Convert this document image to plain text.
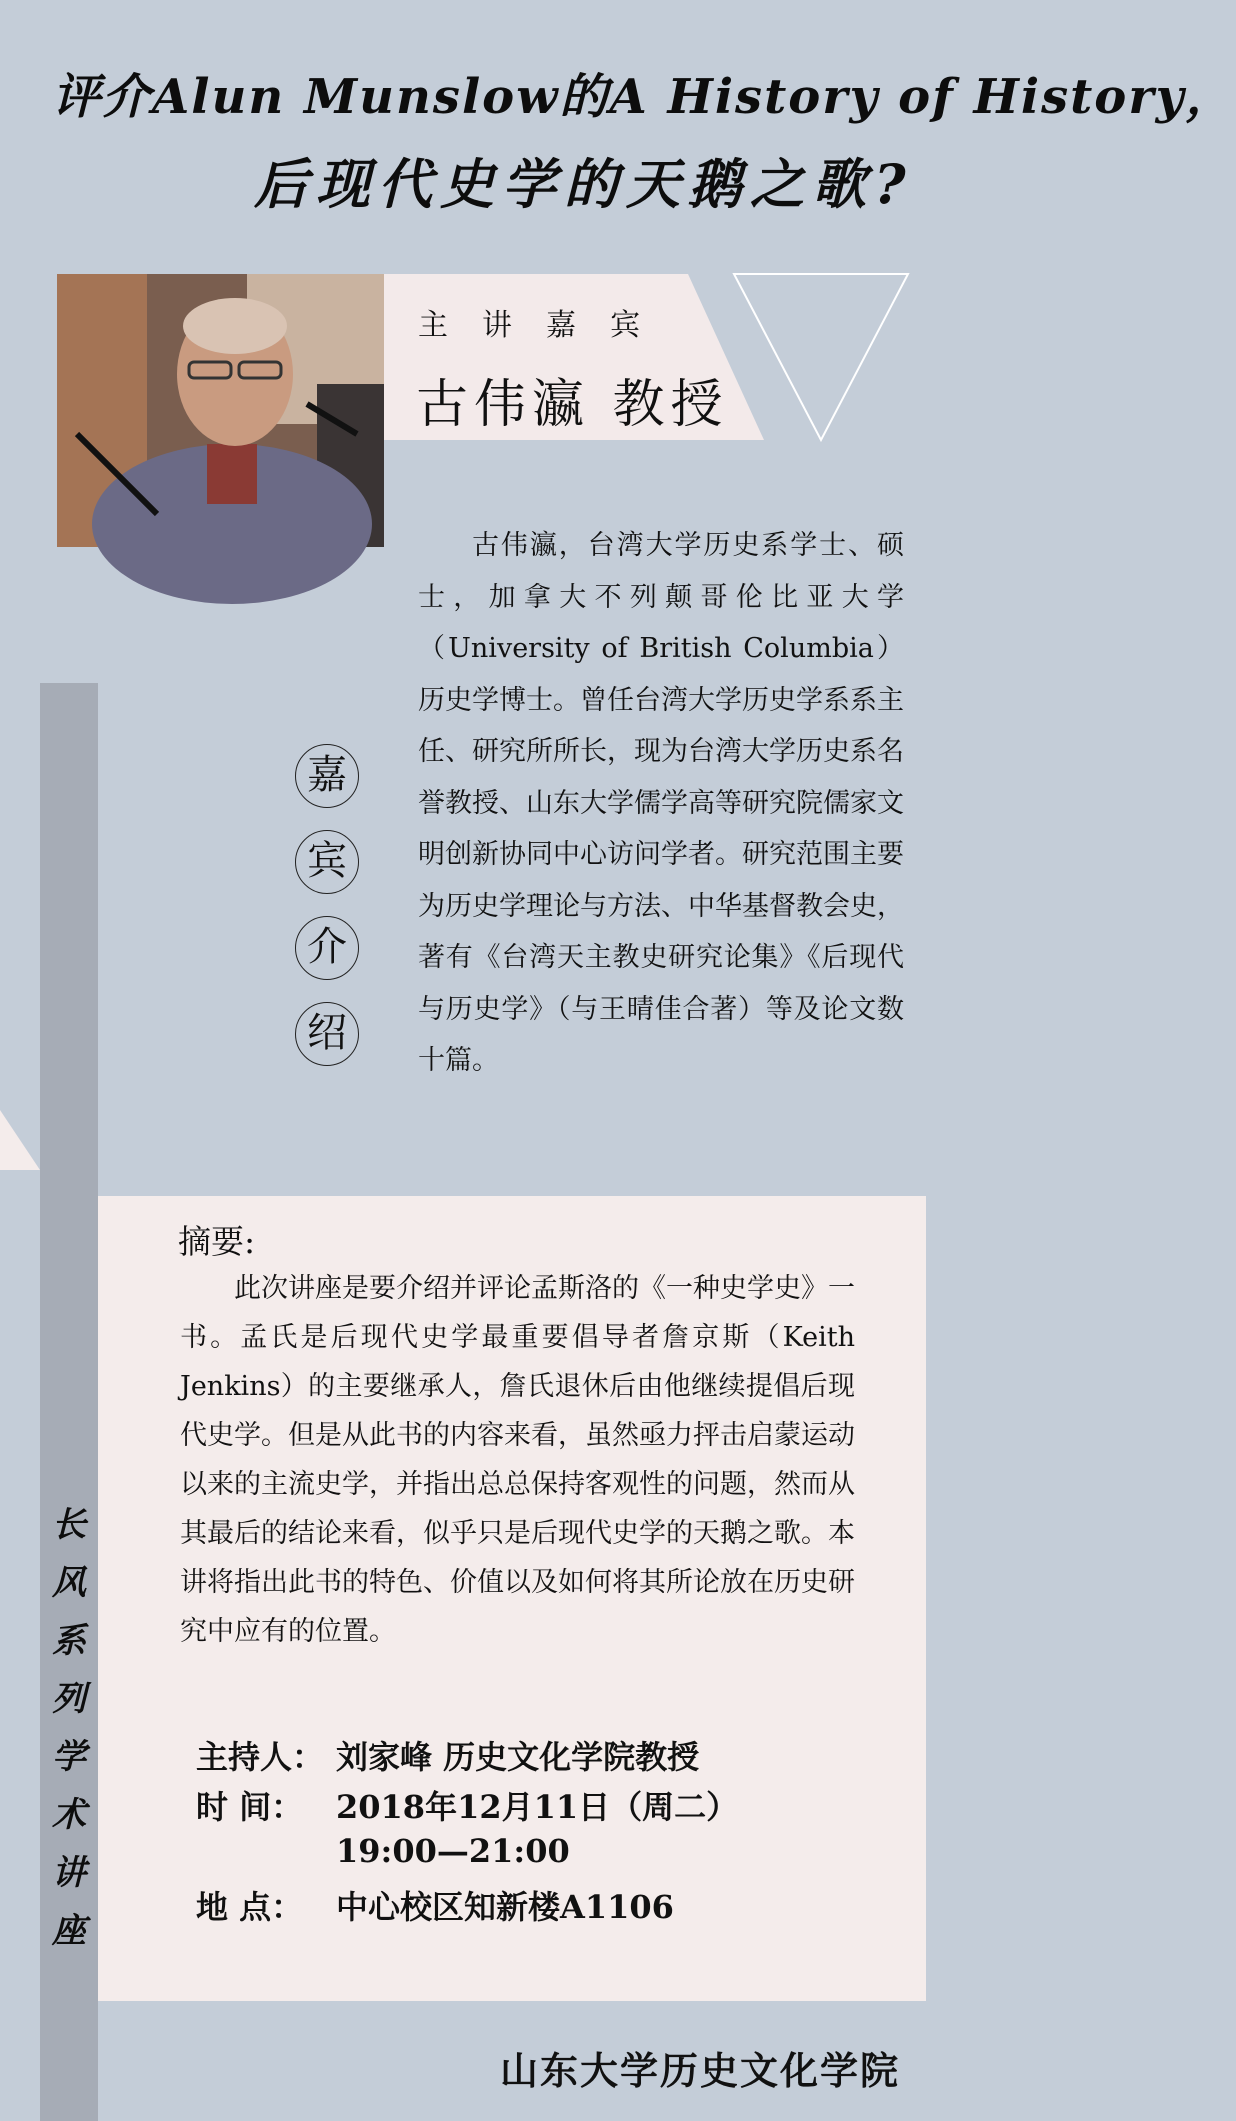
评介Alun Munslow的A History of History，
后现代史学的天鹅之歌?
主讲嘉宾
古伟瀛 教授
长
风
系
列
学
术
讲
座
嘉
宾
介
绍

古伟瀛，台湾大学历史系学士、硕士，加拿大不列颠哥伦比亚大学（University of British Columbia）历史学博士。曾任台湾大学历史学系系主任、研究所所长，现为台湾大学历史系名誉教授、山东大学儒学高等研究院儒家文明创新协同中心访问学者。研究范围主要为历史学理论与方法、中华基督教会史，著有《台湾天主教史研究论集》《后现代与历史学》（与王晴佳合著）等及论文数十篇。

摘要:

此次讲座是要介绍并评论孟斯洛的《一种史学史》一书。孟氏是后现代史学最重要倡导者詹京斯（Keith Jenkins）的主要继承人，詹氏退休后由他继续提倡后现代史学。但是从此书的内容来看，虽然亟力抨击启蒙运动以来的主流史学，并指出总总保持客观性的问题，然而从其最后的结论来看，似乎只是后现代史学的天鹅之歌。本讲将指出此书的特色、价值以及如何将其所论放在历史研究中应有的位置。

主持人： 刘家峰 历史文化学院教授
时 间： 2018年12月11日（周二）
19:00—21:00
地 点： 中心校区知新楼A1106
山东大学历史文化学院
